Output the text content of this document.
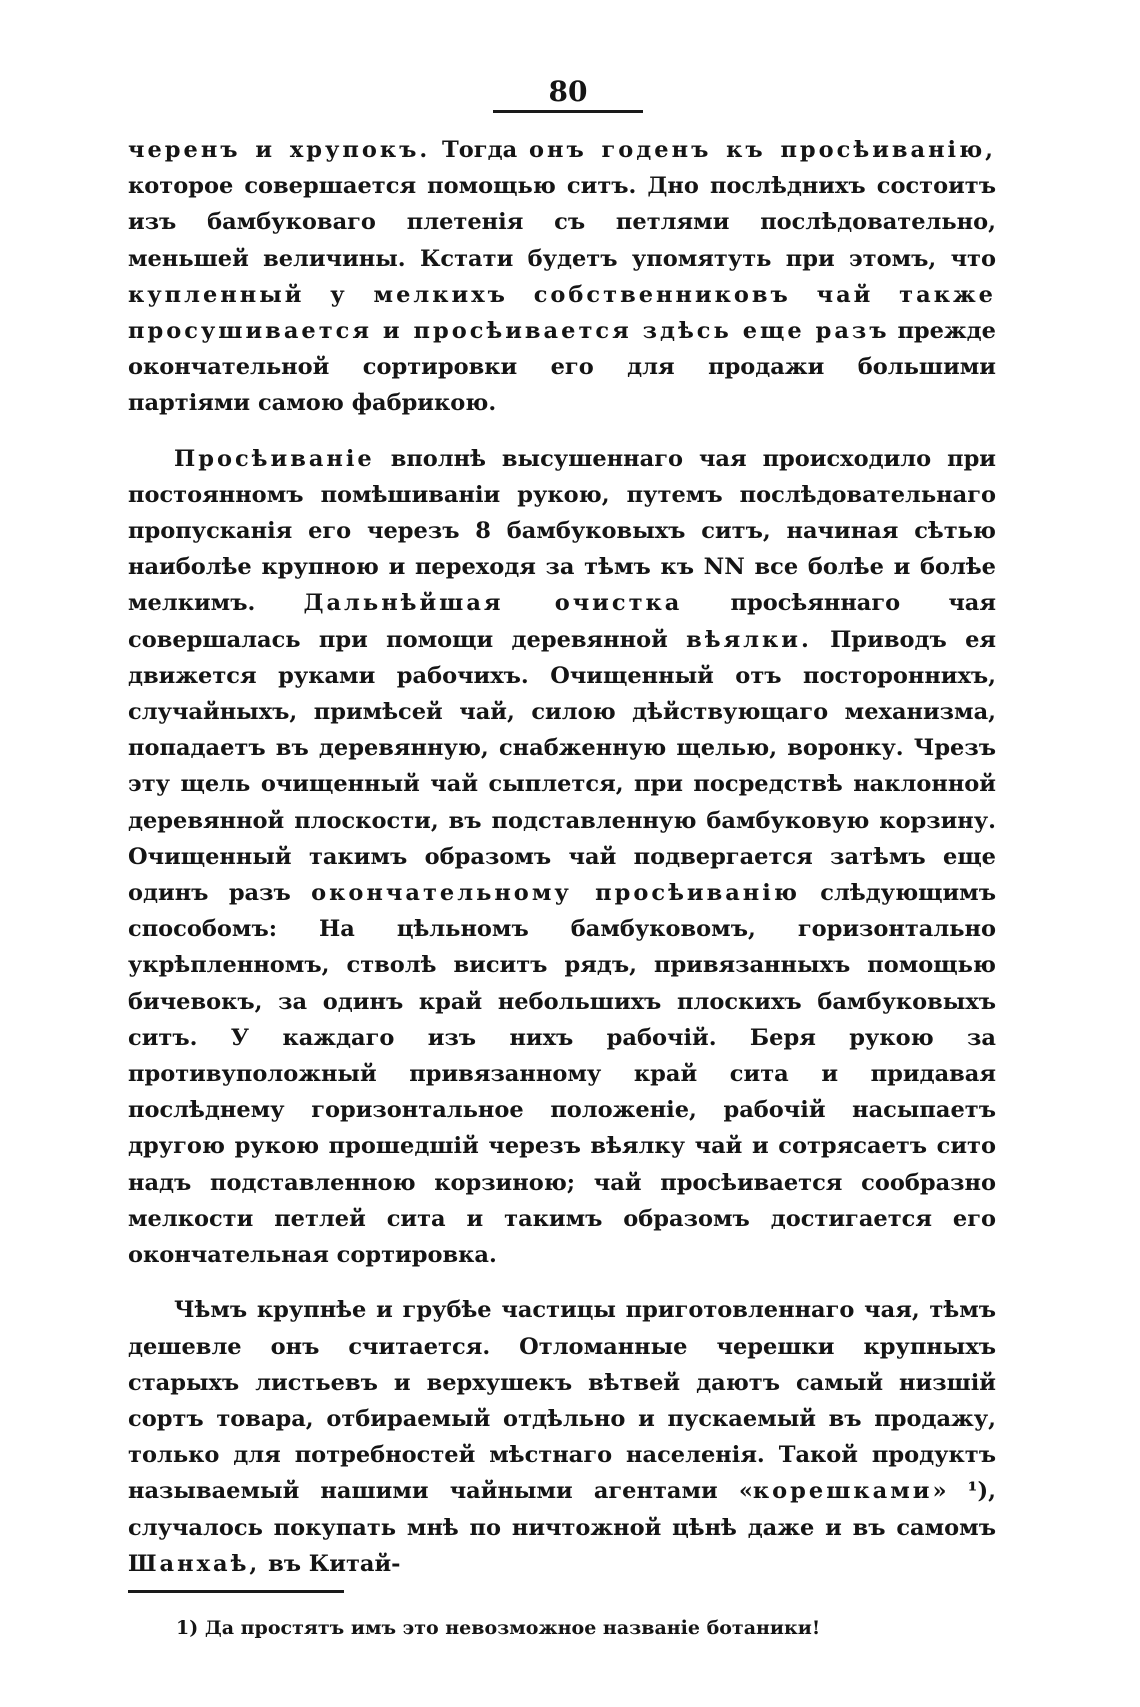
80

черенъ и хрупокъ. Тогда онъ годенъ къ просѣиванію, которое совершается помощью ситъ. Дно послѣднихъ состоитъ изъ бамбуковаго плетенія съ петлями послѣдовательно, меньшей величины. Кстати будетъ упомятуть при этомъ, что купленный у мелкихъ собственниковъ чай также просушивается и просѣивается здѣсь еще разъ прежде окончательной сортировки его для продажи большими партіями самою фабрикою.

Просѣиваніе вполнѣ высушеннаго чая происходило при постоянномъ помѣшиваніи рукою, путемъ послѣдовательнаго пропусканія его черезъ 8 бамбуковыхъ ситъ, начиная сѣтью наиболѣе крупною и переходя за тѣмъ къ NN все болѣе и болѣе мелкимъ. Дальнѣйшая очистка просѣяннаго чая совершалась при помощи деревянной вѣялки. Приводъ ея движется руками рабочихъ. Очищенный отъ постороннихъ, случайныхъ, примѣсей чай, силою дѣйствующаго механизма, попадаетъ въ деревянную, снабженную щелью, воронку. Чрезъ эту щель очищенный чай сыплется, при посредствѣ наклонной деревянной плоскости, въ подставленную бамбуковую корзину. Очищенный такимъ образомъ чай подвергается затѣмъ еще одинъ разъ окончательному просѣиванію слѣдующимъ способомъ: На цѣльномъ бамбуковомъ, горизонтально укрѣпленномъ, стволѣ виситъ рядъ, привязанныхъ помощью бичевокъ, за одинъ край небольшихъ плоскихъ бамбуковыхъ ситъ. У каждаго изъ нихъ рабочій. Беря рукою за противуположный привязанному край сита и придавая послѣднему горизонтальное положеніе, рабочій насыпаетъ другою рукою прошедшій черезъ вѣялку чай и сотрясаетъ сито надъ подставленною корзиною; чай просѣивается сообразно мелкости петлей сита и такимъ образомъ достигается его окончательная сортировка.

Чѣмъ крупнѣе и грубѣе частицы приготовленнаго чая, тѣмъ дешевле онъ считается. Отломанные черешки крупныхъ старыхъ листьевъ и верхушекъ вѣтвей даютъ самый низшій сортъ товара, отбираемый отдѣльно и пускаемый въ продажу, только для потребностей мѣстнаго населенія. Такой продуктъ называемый нашими чайными агентами «корешками» ¹), случалось покупать мнѣ по ничтожной цѣнѣ даже и въ самомъ Шанхаѣ, въ Китай-

1) Да простятъ имъ это невозможное названіе ботаники!
